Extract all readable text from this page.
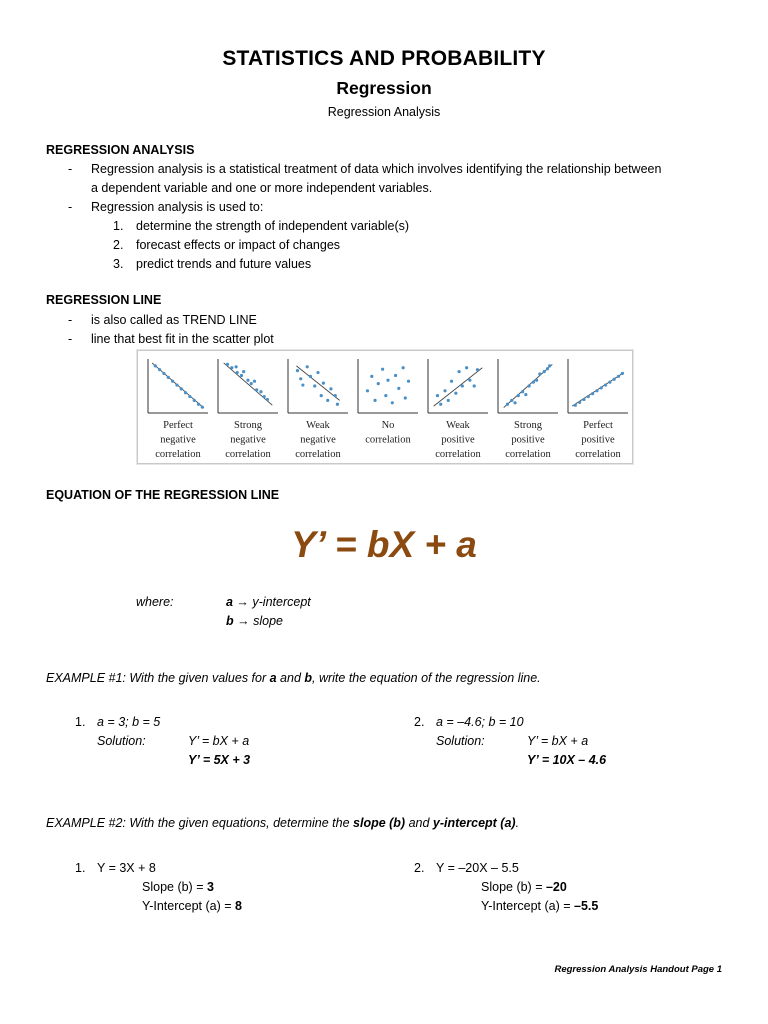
STATISTICS AND PROBABILITY
Regression
Regression Analysis
REGRESSION ANALYSIS
- Regression analysis is a statistical treatment of data which involves identifying the relationship between
a dependent variable and one or more independent variables.
- Regression analysis is used to:
1. determine the strength of independent variable(s)
2. forecast effects or impact of changes
3. predict trends and future values
REGRESSION LINE
- is also called as TREND LINE
- line that best fit in the scatter plot
Perfect
negative
correlation
Strong
negative
correlation
Weak
negative
correlation
No
correlation
Weak
positive
correlation
Strong
positive
correlation
Perfect
positive
correlation
EQUATION OF THE REGRESSION LINE
Y’ = bX + a
where:	a → y-intercept
b → slope
EXAMPLE #1: With the given values for a and b, write the equation of the regression line.
1. a = 3; b = 5
Solution:	Y’ = bX + a
Y’ = 5X + 3
2. a = –4.6; b = 10
Solution:	Y’ = bX + a
Y’ = 10X – 4.6
EXAMPLE #2: With the given equations, determine the slope (b) and y-intercept (a).
1. Y = 3X + 8
Slope (b) = 3
Y-Intercept (a) = 8
2. Y = –20X – 5.5
Slope (b) = –20
Y-Intercept (a) = –5.5
Regression Analysis Handout Page 1
